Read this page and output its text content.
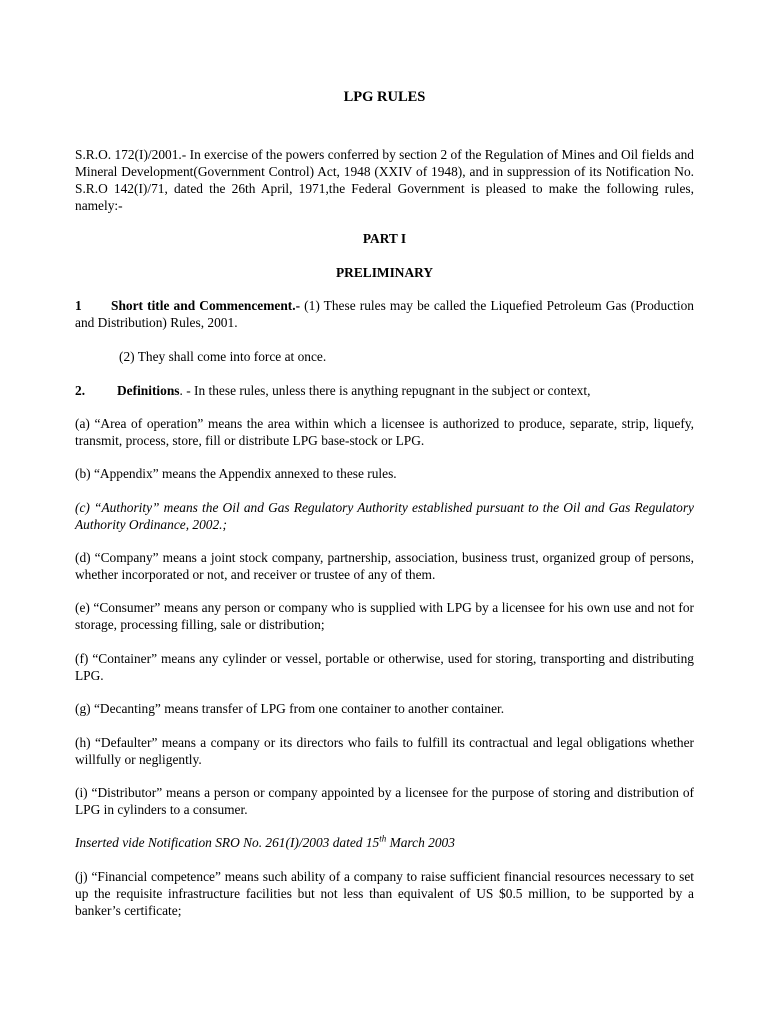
LPG RULES
S.R.O. 172(I)/2001.- In exercise of the powers conferred by section 2 of the Regulation of Mines and Oil fields and Mineral Development(Government Control) Act, 1948 (XXIV of 1948), and in suppression of its Notification No. S.R.O 142(I)/71, dated the 26th April, 1971,the Federal Government is pleased to make the following rules, namely:-
PART I
PRELIMINARY
1 Short title and Commencement.- (1) These rules may be called the Liquefied Petroleum Gas (Production and Distribution) Rules, 2001.
(2) They shall come into force at once.
2. Definitions. - In these rules, unless there is anything repugnant in the subject or context,
(a) “Area of operation” means the area within which a licensee is authorized to produce, separate, strip, liquefy, transmit, process, store, fill or distribute LPG base-stock or LPG.
(b) “Appendix” means the Appendix annexed to these rules.
(c) “Authority” means the Oil and Gas Regulatory Authority established pursuant to the Oil and Gas Regulatory Authority Ordinance, 2002.;
(d) “Company” means a joint stock company, partnership, association, business trust, organized group of persons, whether incorporated or not, and receiver or trustee of any of them.
(e) “Consumer” means any person or company who is supplied with LPG by a licensee for his own use and not for storage, processing filling, sale or distribution;
(f) “Container” means any cylinder or vessel, portable or otherwise, used for storing, transporting and distributing LPG.
(g) “Decanting” means transfer of LPG from one container to another container.
(h) “Defaulter” means a company or its directors who fails to fulfill its contractual and legal obligations whether willfully or negligently.
(i) “Distributor” means a person or company appointed by a licensee for the purpose of storing and distribution of LPG in cylinders to a consumer.
Inserted vide Notification SRO No. 261(I)/2003 dated 15th March 2003
(j) “Financial competence” means such ability of a company to raise sufficient financial resources necessary to set up the requisite infrastructure facilities but not less than equivalent of US $0.5 million, to be supported by a banker’s certificate;
